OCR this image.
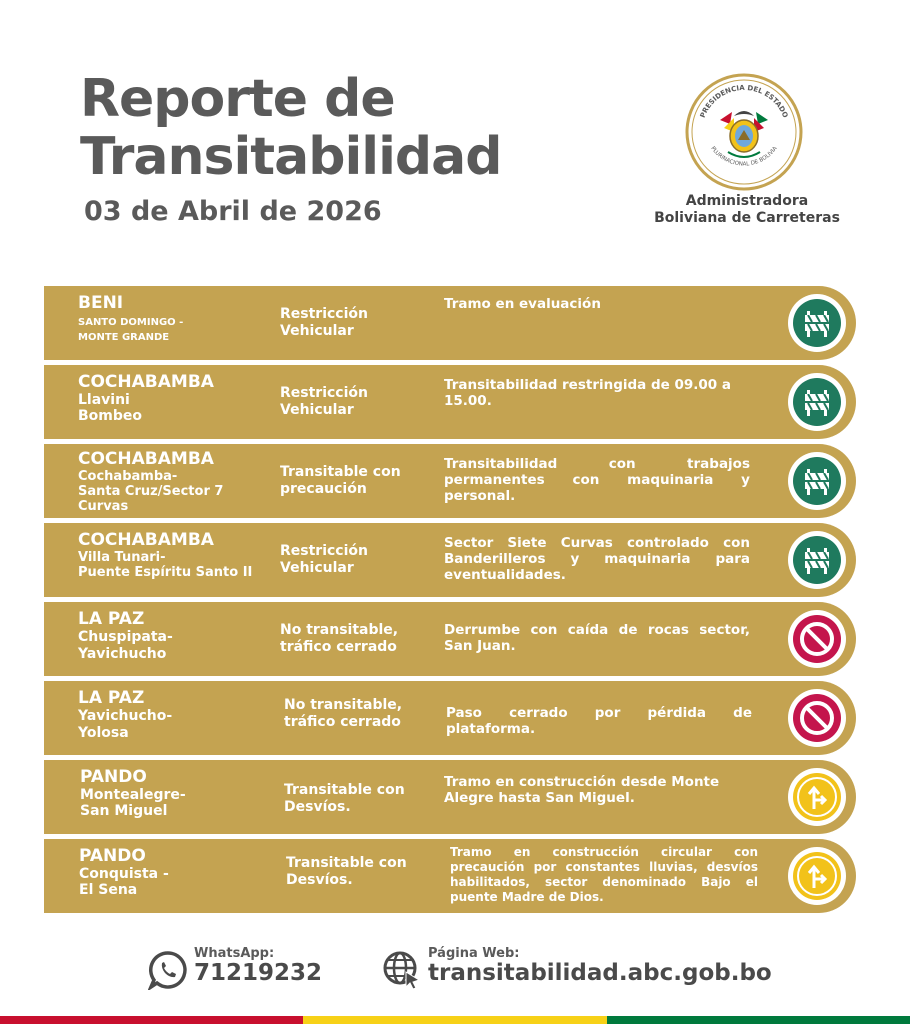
Reporte de
Transitabilidad
03 de Abril de 2026
PRESIDENCIA DEL ESTADO
PLURINACIONAL DE BOLIVIA
Administradora
Boliviana de Carreteras
BENI
SANTO DOMINGO -
MONTE GRANDE
Restricción
Vehicular
Tramo en evaluación
COCHABAMBA
Llavini
Bombeo
Restricción
Vehicular
Transitabilidad restringida de 09.00 a 15.00.
COCHABAMBA
Cochabamba-
Santa Cruz/Sector 7
Curvas
Transitable con
precaución
Transitabilidad con trabajos permanentes con maquinaria y personal.
COCHABAMBA
Villa Tunari-
Puente Espíritu Santo II
Restricción
Vehicular
Sector Siete Curvas controlado con Banderilleros y maquinaria para eventualidades.
LA PAZ
Chuspipata-
Yavichucho
No transitable,
tráfico cerrado
Derrumbe con caída de rocas sector, San Juan.
LA PAZ
Yavichucho-
Yolosa
No transitable,
tráfico cerrado
Paso cerrado por pérdida de plataforma.
PANDO
Montealegre-
San Miguel
Transitable con
Desvíos.
Tramo en construcción desde Monte Alegre hasta San Miguel.
PANDO
Conquista -
El Sena
Transitable con
Desvíos.
Tramo en construcción circular con precaución por constantes lluvias, desvíos habilitados, sector denominado Bajo el puente Madre de Dios.
WhatsApp:
71219232
Página Web:
transitabilidad.abc.gob.bo
